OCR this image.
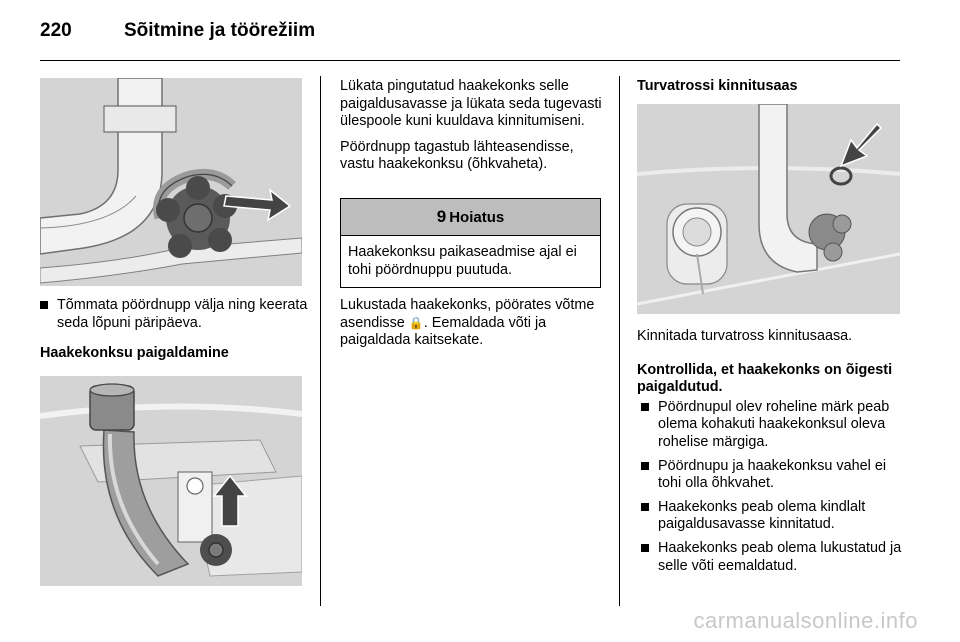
220	Sõitmine ja töörežiim

Tõmmata pöördnupp välja ning keerata seda lõpuni päripäeva.

Haakekonksu paigaldamine

Lükata pingutatud haakekonks selle paigaldusavasse ja lükata seda tugevasti ülespoole kuni kuuldava kinnitumiseni.

Pöördnupp tagastub lähteasendisse, vastu haakekonksu (õhkvaheta).

9 Hoiatus
Haakekonksu paikaseadmise ajal ei tohi pöördnuppu puutuda.

Lukustada haakekonks, pöörates võtme asendisse 🔒. Eemaldada võti ja paigaldada kaitsekate.

Turvatrossi kinnitusaas

Kinnitada turvatross kinnitusaasa.

Kontrollida, et haakekonks on õigesti paigaldutud.

Pöördnupul olev roheline märk peab olema kohakuti haakekonksul oleva rohelise märgiga.

Pöördnupu ja haakekonksu vahel ei tohi olla õhkvahet.

Haakekonks peab olema kindlalt paigaldusavasse kinnitatud.

Haakekonks peab olema lukustatud ja selle võti eemaldatud.

carmanualsonline.info
